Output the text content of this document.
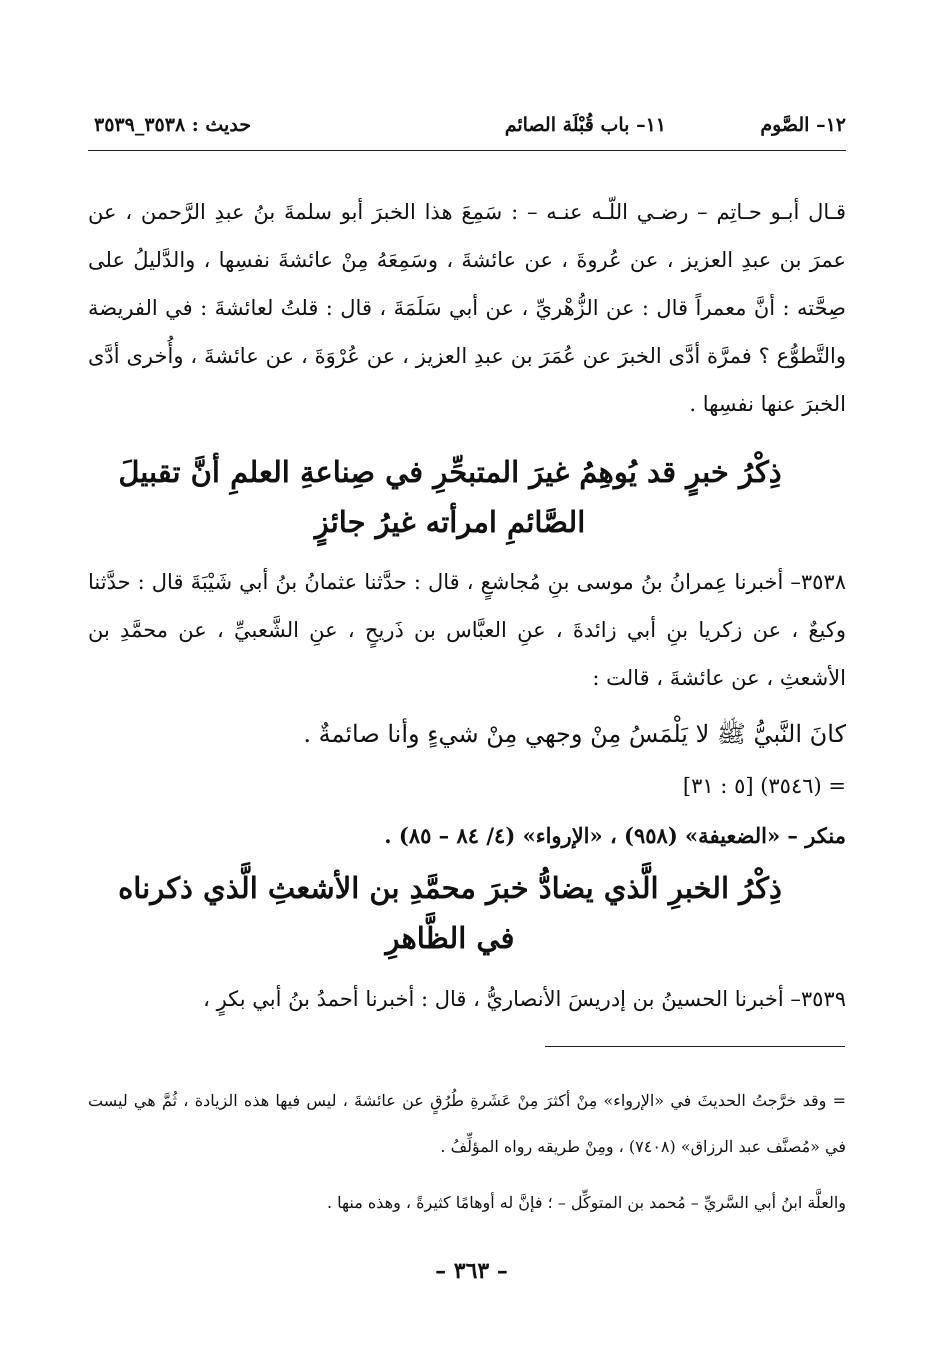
١٢– الصَّوم
١١– باب قُبْلَة الصائم
حديث : ٣٥٣٨_٣٥٣٩
قـال أبـو حـاتِم – رضـي اللّـه عنـه – : سَمِعَ هذا الخبرَ أبو سلمةَ بنُ عبدِ الرَّحمن ، عن عمرَ بن عبدِ العزيز ، عن عُروةَ ، عن عائشةَ ، وسَمِعَهُ مِنْ عائشةَ نفسِها ، والدَّليلُ على صِحَّته : أنَّ معمراً قال : عن الزُّهْريِّ ، عن أبي سَلَمَةَ ، قال : قلتُ لعائشةَ : في الفريضة والتَّطوُّع ؟ فمرَّة أدَّى الخبرَ عن عُمَرَ بن عبدِ العزيز ، عن عُرْوَةَ ، عن عائشةَ ، وأُخرى أدَّى الخبرَ عنها نفسِها .
ذِكْرُ خبرٍ قد يُوهِمُ غيرَ المتبحِّرِ في صِناعةِ العلمِ أنَّ تقبيلَ
الصَّائمِ امرأته غيرُ جائزٍ
٣٥٣٨– أخبرنا عِمرانُ بنُ موسى بنِ مُجاشعٍ ، قال : حدَّثنا عثمانُ بنُ أبي شَيْبَةَ قال : حدَّثنا وكيعٌ ، عن زكريا بنِ أبي زائدةَ ، عنِ العبَّاس بن ذَريحٍ ، عنِ الشَّعبيِّ ، عن محمَّدِ بن الأشعثِ ، عن عائشةَ ، قالت :
كانَ النَّبيُّ ﷺ لا يَلْمَسُ مِنْ وجهي مِنْ شيءٍ وأنا صائمةٌ .
= (٣٥٤٦) [٥ : ٣١]
منكر – «الضعيفة» (٩٥٨) ، «الإرواء» (٤/ ٨٤ – ٨٥) .
ذِكْرُ الخبرِ الَّذي يضادُّ خبرَ محمَّدِ بن الأشعثِ الَّذي ذكرناه
في الظَّاهرِ
٣٥٣٩– أخبرنا الحسينُ بن إدريسَ الأنصاريُّ ، قال : أخبرنا أحمدُ بنُ أبي بكرٍ ،
= وقد خرَّجتُ الحديثَ في «الإرواء» مِنْ أكثرَ مِنْ عَشَرةِ طُرُقٍ عن عائشةَ ، ليس فيها هذه الزيادة ، ثُمَّ هي ليست في «مُصنَّف عبد الرزاق» (٧٤٠٨) ، ومِنْ طريقه رواه المؤلِّفُ .
والعلَّة ابنُ أبي السَّريِّ – مُحمد بن المتوكِّل – ؛ فإنَّ له أوهامًا كثيرةً ، وهذه منها .
– ٣٦٣ –
